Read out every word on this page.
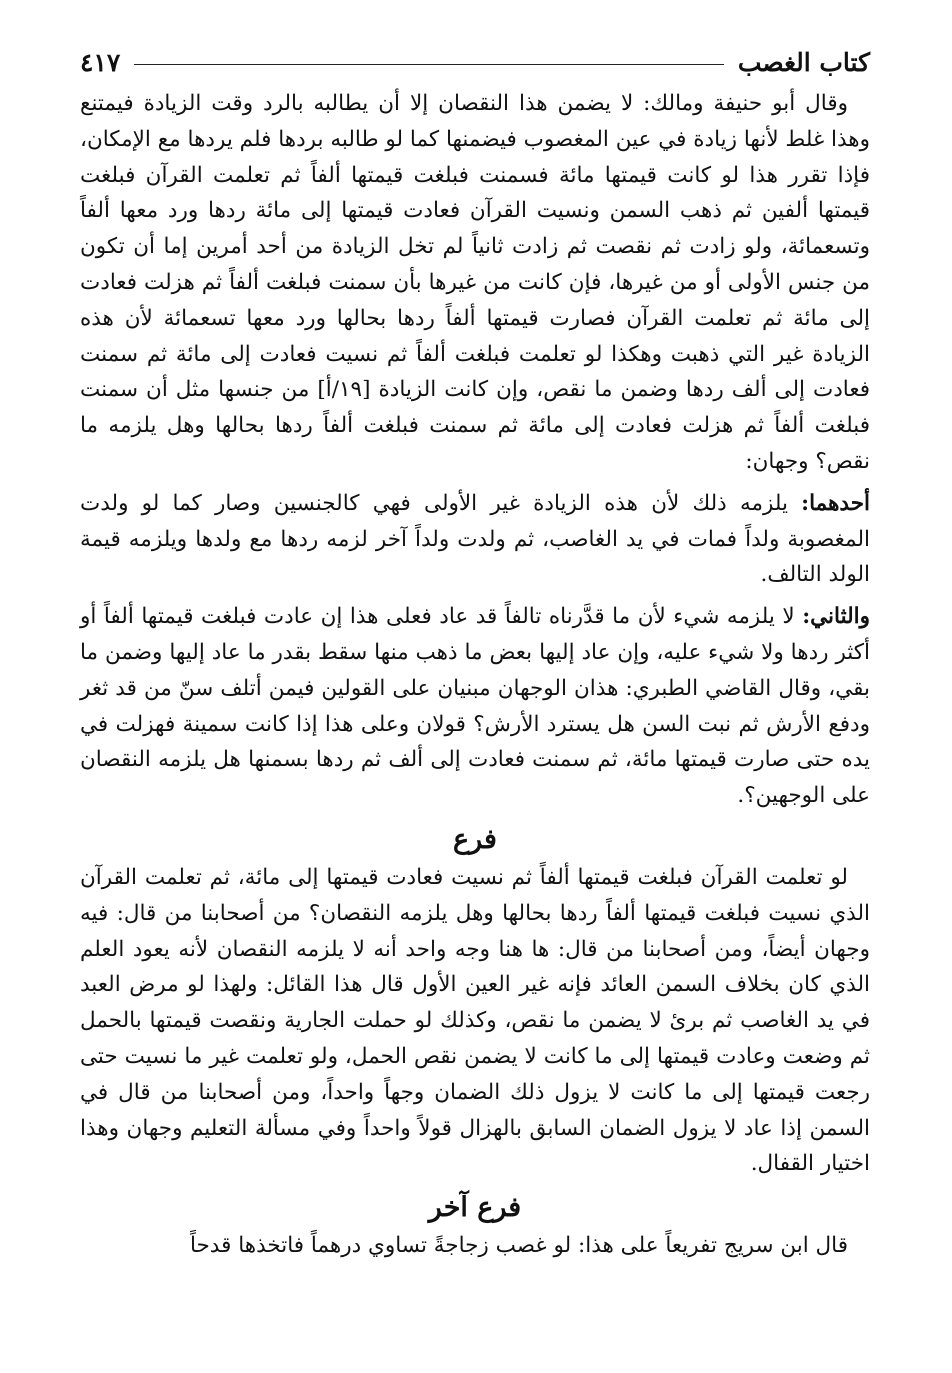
كتاب الغصب
٤١٧

وقال أبو حنيفة ومالك: لا يضمن هذا النقصان إلا أن يطالبه بالرد وقت الزيادة فيمتنع وهذا غلط لأنها زيادة في عين المغصوب فيضمنها كما لو طالبه بردها فلم يردها مع الإمكان، فإذا تقرر هذا لو كانت قيمتها مائة فسمنت فبلغت قيمتها ألفاً ثم تعلمت القرآن فبلغت قيمتها ألفين ثم ذهب السمن ونسيت القرآن فعادت قيمتها إلى مائة ردها ورد معها ألفاً وتسعمائة، ولو زادت ثم نقصت ثم زادت ثانياً لم تخل الزيادة من أحد أمرين إما أن تكون من جنس الأولى أو من غيرها، فإن كانت من غيرها بأن سمنت فبلغت ألفاً ثم هزلت فعادت إلى مائة ثم تعلمت القرآن فصارت قيمتها ألفاً ردها بحالها ورد معها تسعمائة لأن هذه الزيادة غير التي ذهبت وهكذا لو تعلمت فبلغت ألفاً ثم نسيت فعادت إلى مائة ثم سمنت فعادت إلى ألف ردها وضمن ما نقص، وإن كانت الزيادة [١٩/أ] من جنسها مثل أن سمنت فبلغت ألفاً ثم هزلت فعادت إلى مائة ثم سمنت فبلغت ألفاً ردها بحالها وهل يلزمه ما نقص؟ وجهان:

أحدهما: يلزمه ذلك لأن هذه الزيادة غير الأولى فهي كالجنسين وصار كما لو ولدت المغصوبة ولداً فمات في يد الغاصب، ثم ولدت ولداً آخر لزمه ردها مع ولدها ويلزمه قيمة الولد التالف.

والثاني: لا يلزمه شيء لأن ما قدَّرناه تالفاً قد عاد فعلى هذا إن عادت فبلغت قيمتها ألفاً أو أكثر ردها ولا شيء عليه، وإن عاد إليها بعض ما ذهب منها سقط بقدر ما عاد إليها وضمن ما بقي، وقال القاضي الطبري: هذان الوجهان مبنيان على القولين فيمن أتلف سنّ من قد ثغر ودفع الأرش ثم نبت السن هل يسترد الأرش؟ قولان وعلى هذا إذا كانت سمينة فهزلت في يده حتى صارت قيمتها مائة، ثم سمنت فعادت إلى ألف ثم ردها بسمنها هل يلزمه النقصان على الوجهين؟.

فرع

لو تعلمت القرآن فبلغت قيمتها ألفاً ثم نسيت فعادت قيمتها إلى مائة، ثم تعلمت القرآن الذي نسيت فبلغت قيمتها ألفاً ردها بحالها وهل يلزمه النقصان؟ من أصحابنا من قال: فيه وجهان أيضاً، ومن أصحابنا من قال: ها هنا وجه واحد أنه لا يلزمه النقصان لأنه يعود العلم الذي كان بخلاف السمن العائد فإنه غير العين الأول قال هذا القائل: ولهذا لو مرض العبد في يد الغاصب ثم برئ لا يضمن ما نقص، وكذلك لو حملت الجارية ونقصت قيمتها بالحمل ثم وضعت وعادت قيمتها إلى ما كانت لا يضمن نقص الحمل، ولو تعلمت غير ما نسيت حتى رجعت قيمتها إلى ما كانت لا يزول ذلك الضمان وجهاً واحداً، ومن أصحابنا من قال في السمن إذا عاد لا يزول الضمان السابق بالهزال قولاً واحداً وفي مسألة التعليم وجهان وهذا اختيار القفال.

فرع آخر

قال ابن سريج تفريعاً على هذا: لو غصب زجاجةً تساوي درهماً فاتخذها قدحاً
